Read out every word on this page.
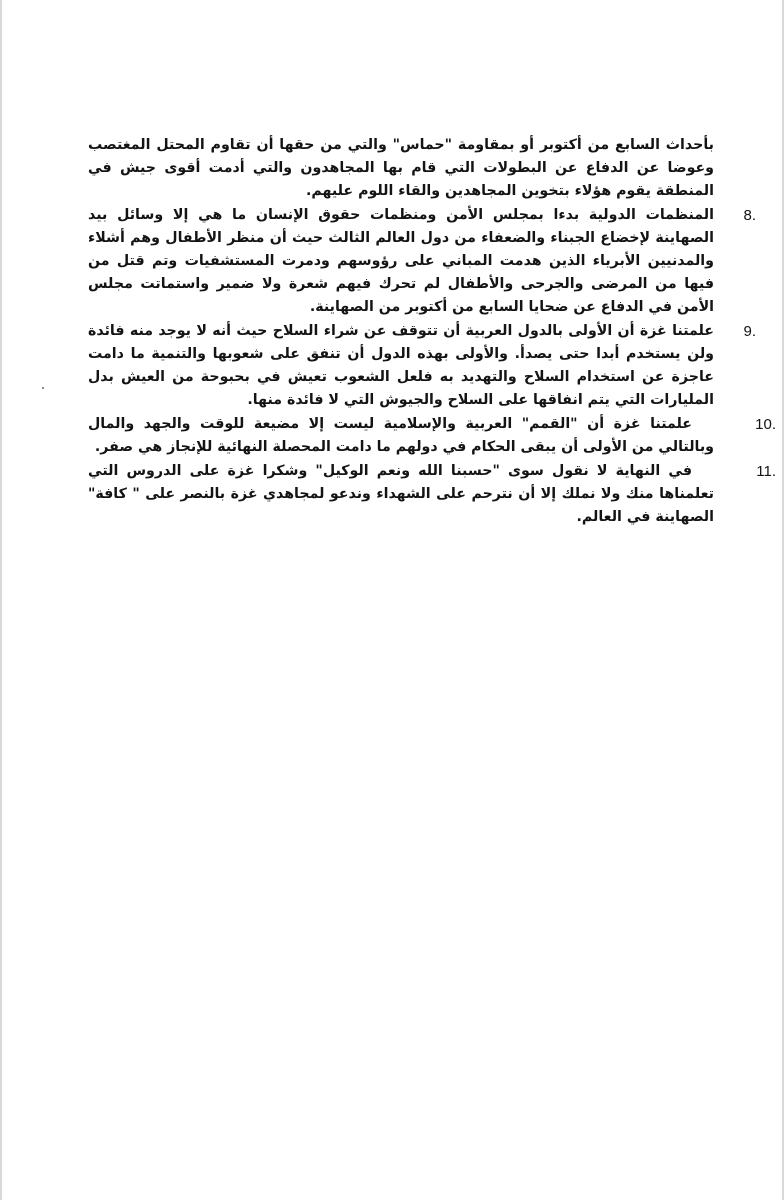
بأحداث السابع من أكتوبر أو بمقاومة "حماس" والتي من حقها أن تقاوم المحتل المغتصب وعوضا عن الدفاع عن البطولات التي قام بها المجاهدون والتي أدمت أقوى جيش في المنطقة يقوم هؤلاء بتخوين المجاهدين والقاء اللوم عليهم.

8.
المنظمات الدولية بدءا بمجلس الأمن ومنظمات حقوق الإنسان ما هي إلا وسائل بيد الصهاينة لإخضاع الجبناء والضعفاء من دول العالم الثالث حيث أن منظر الأطفال وهم أشلاء والمدنيين الأبرياء الذين هدمت المباني على رؤوسهم ودمرت المستشفيات وتم قتل من فيها من المرضى والجرحى والأطفال لم تحرك فيهم شعرة ولا ضمير واستماتت مجلس الأمن في الدفاع عن ضحايا السابع من أكتوبر من الصهاينة.
9.
علمتنا غزة أن الأولى بالدول العربية أن تتوقف عن شراء السلاح حيث أنه لا يوجد منه فائدة ولن يستخدم أبدا حتى يصدأ. والأولى بهذه الدول أن تنفق على شعوبها والتنمية ما دامت عاجزة عن استخدام السلاح والتهديد به فلعل الشعوب تعيش في بحبوحة من العيش بدل المليارات التي يتم انفاقها على السلاح والجيوش التي لا فائدة منها.
10.
علمتنا غزة أن "القمم" العربية والإسلامية ليست إلا مضيعة للوقت والجهد والمال وبالتالي من الأولى أن يبقى الحكام في دولهم ما دامت المحصلة النهائية للإنجاز هي صفر.
11.
في النهاية لا نقول سوى "حسبنا الله ونعم الوكيل" وشكرا غزة على الدروس التي تعلمناها منك ولا نملك إلا أن نترحم على الشهداء وندعو لمجاهدي غزة بالنصر على " كافة" الصهاينة في العالم.
